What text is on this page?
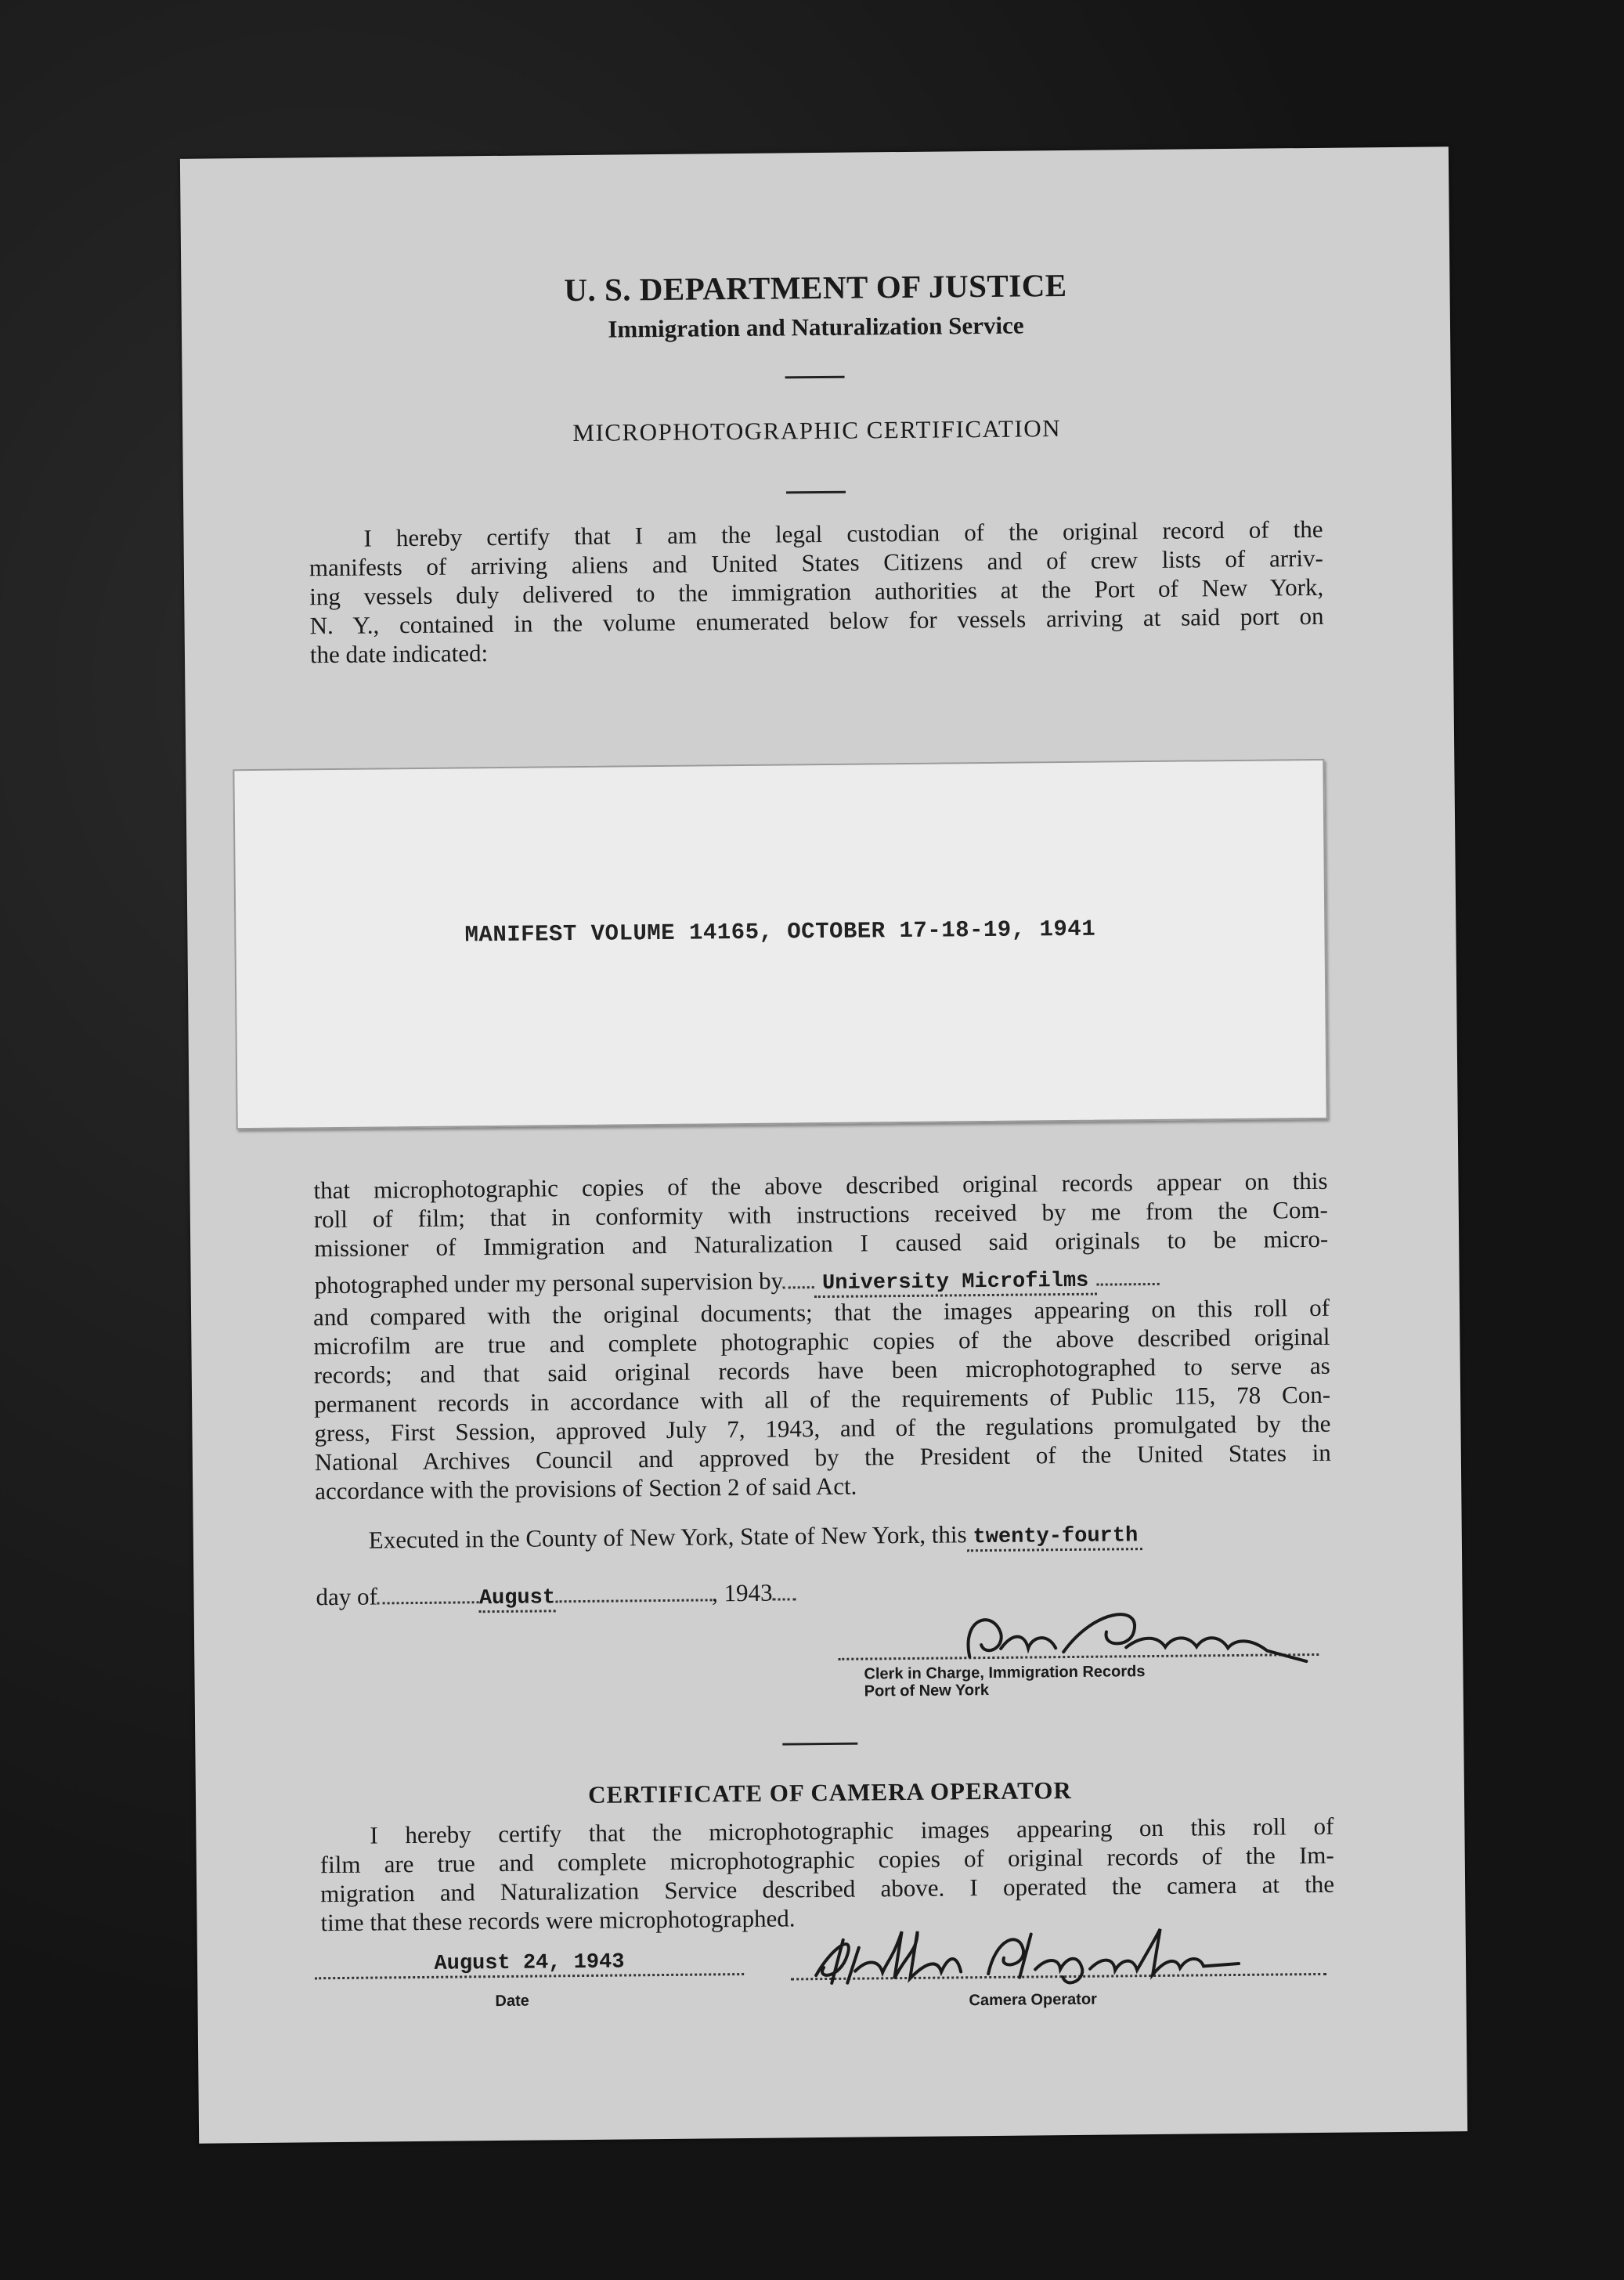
U. S. DEPARTMENT OF JUSTICE
Immigration and Naturalization Service
MICROPHOTOGRAPHIC CERTIFICATION

I hereby certify that I am the legal custodian of the original record of the
manifests of arriving aliens and United States Citizens and of crew lists of arriv-
ing vessels duly delivered to the immigration authorities at the Port of New York,
N. Y., contained in the volume enumerated below for vessels arriving at said port on
the date indicated:

MANIFEST VOLUME 14165, OCTOBER 17-18-19, 1941

that microphotographic copies of the above described original records appear on this
roll of film; that in conformity with instructions received by me from the Com-
missioner of Immigration and Naturalization I caused said originals to be micro-

photographed under my personal supervision by University Microfilms

and compared with the original documents; that the images appearing on this roll of
microfilm are true and complete photographic copies of the above described original
records; and that said original records have been microphotographed to serve as
permanent records in accordance with all of the requirements of Public 115, 78 Con-
gress, First Session, approved July 7, 1943, and of the regulations promulgated by the
National Archives Council and approved by the President of the United States in
accordance with the provisions of Section 2 of said Act.

Executed in the County of New York, State of New York, this twenty-fourth
day of	August	, 1943
Clerk in Charge, Immigration Records
Port of New York
CERTIFICATE OF CAMERA OPERATOR

I hereby certify that the microphotographic images appearing on this roll of
film are true and complete microphotographic copies of original records of the Im-
migration and Naturalization Service described above. I operated the camera at the
time that these records were microphotographed.

August 24, 1943
Date	Camera Operator
